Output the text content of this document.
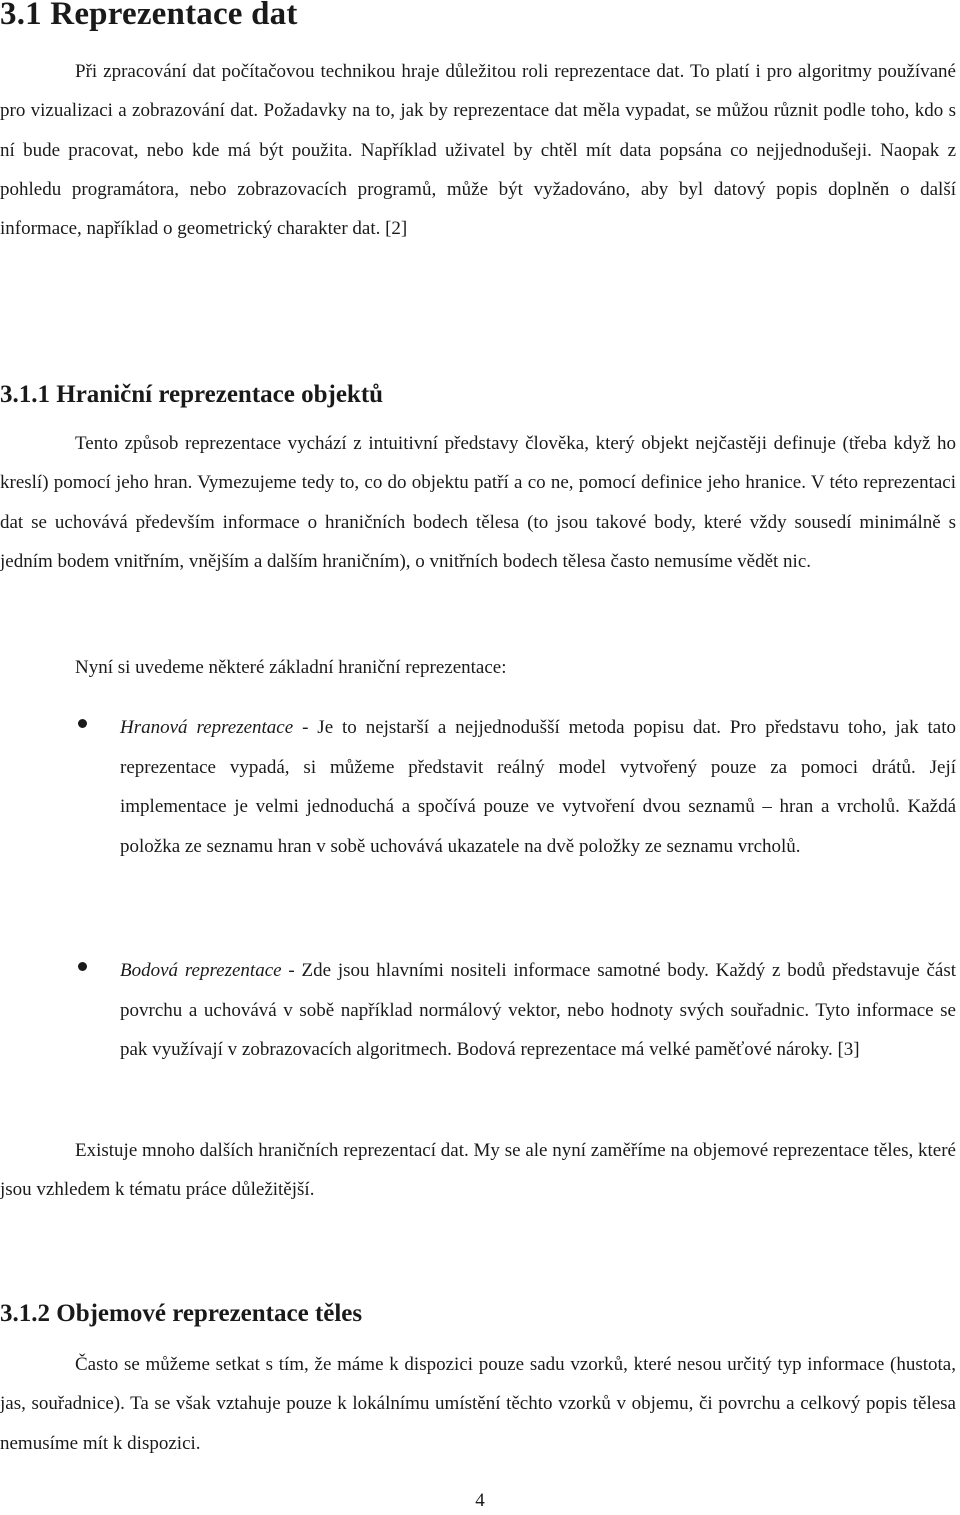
3.1 Reprezentace dat

Při zpracování dat počítačovou technikou hraje důležitou roli reprezentace dat. To platí i pro algoritmy používané pro vizualizaci a zobrazování dat. Požadavky na to, jak by reprezentace dat měla vypadat, se můžou různit podle toho, kdo s ní bude pracovat, nebo kde má být použita. Například uživatel by chtěl mít data popsána co nejjednodušeji. Naopak z pohledu programátora, nebo zobrazovacích programů, může být vyžadováno, aby byl datový popis doplněn o další informace, například o geometrický charakter dat. [2]

3.1.1 Hraniční reprezentace objektů

Tento způsob reprezentace vychází z intuitivní představy člověka, který objekt nejčastěji definuje (třeba když ho kreslí) pomocí jeho hran. Vymezujeme tedy to, co do objektu patří a co ne, pomocí definice jeho hranice. V této reprezentaci dat se uchovává především informace o hraničních bodech tělesa (to jsou takové body, které vždy sousedí minimálně s jedním bodem vnitřním, vnějším a dalším hraničním), o vnitřních bodech tělesa často nemusíme vědět nic.

Nyní si uvedeme některé základní hraniční reprezentace:

Hranová reprezentace - Je to nejstarší a nejjednodušší metoda popisu dat. Pro představu toho, jak tato reprezentace vypadá, si můžeme představit reálný model vytvořený pouze za pomoci drátů. Její implementace je velmi jednoduchá a spočívá pouze ve vytvoření dvou seznamů – hran a vrcholů. Každá položka ze seznamu hran v sobě uchovává ukazatele na dvě položky ze seznamu vrcholů.

Bodová reprezentace - Zde jsou hlavními nositeli informace samotné body. Každý z bodů představuje část povrchu a uchovává v sobě například normálový vektor, nebo hodnoty svých souřadnic. Tyto informace se pak využívají v zobrazovacích algoritmech. Bodová reprezentace má velké paměťové nároky. [3]

Existuje mnoho dalších hraničních reprezentací dat. My se ale nyní zaměříme na objemové reprezentace těles, které jsou vzhledem k tématu práce důležitější.

3.1.2 Objemové reprezentace těles

Často se můžeme setkat s tím, že máme k dispozici pouze sadu vzorků, které nesou určitý typ informace (hustota, jas, souřadnice). Ta se však vztahuje pouze k lokálnímu umístění těchto vzorků v objemu, či povrchu a celkový popis tělesa nemusíme mít k dispozici.

4
